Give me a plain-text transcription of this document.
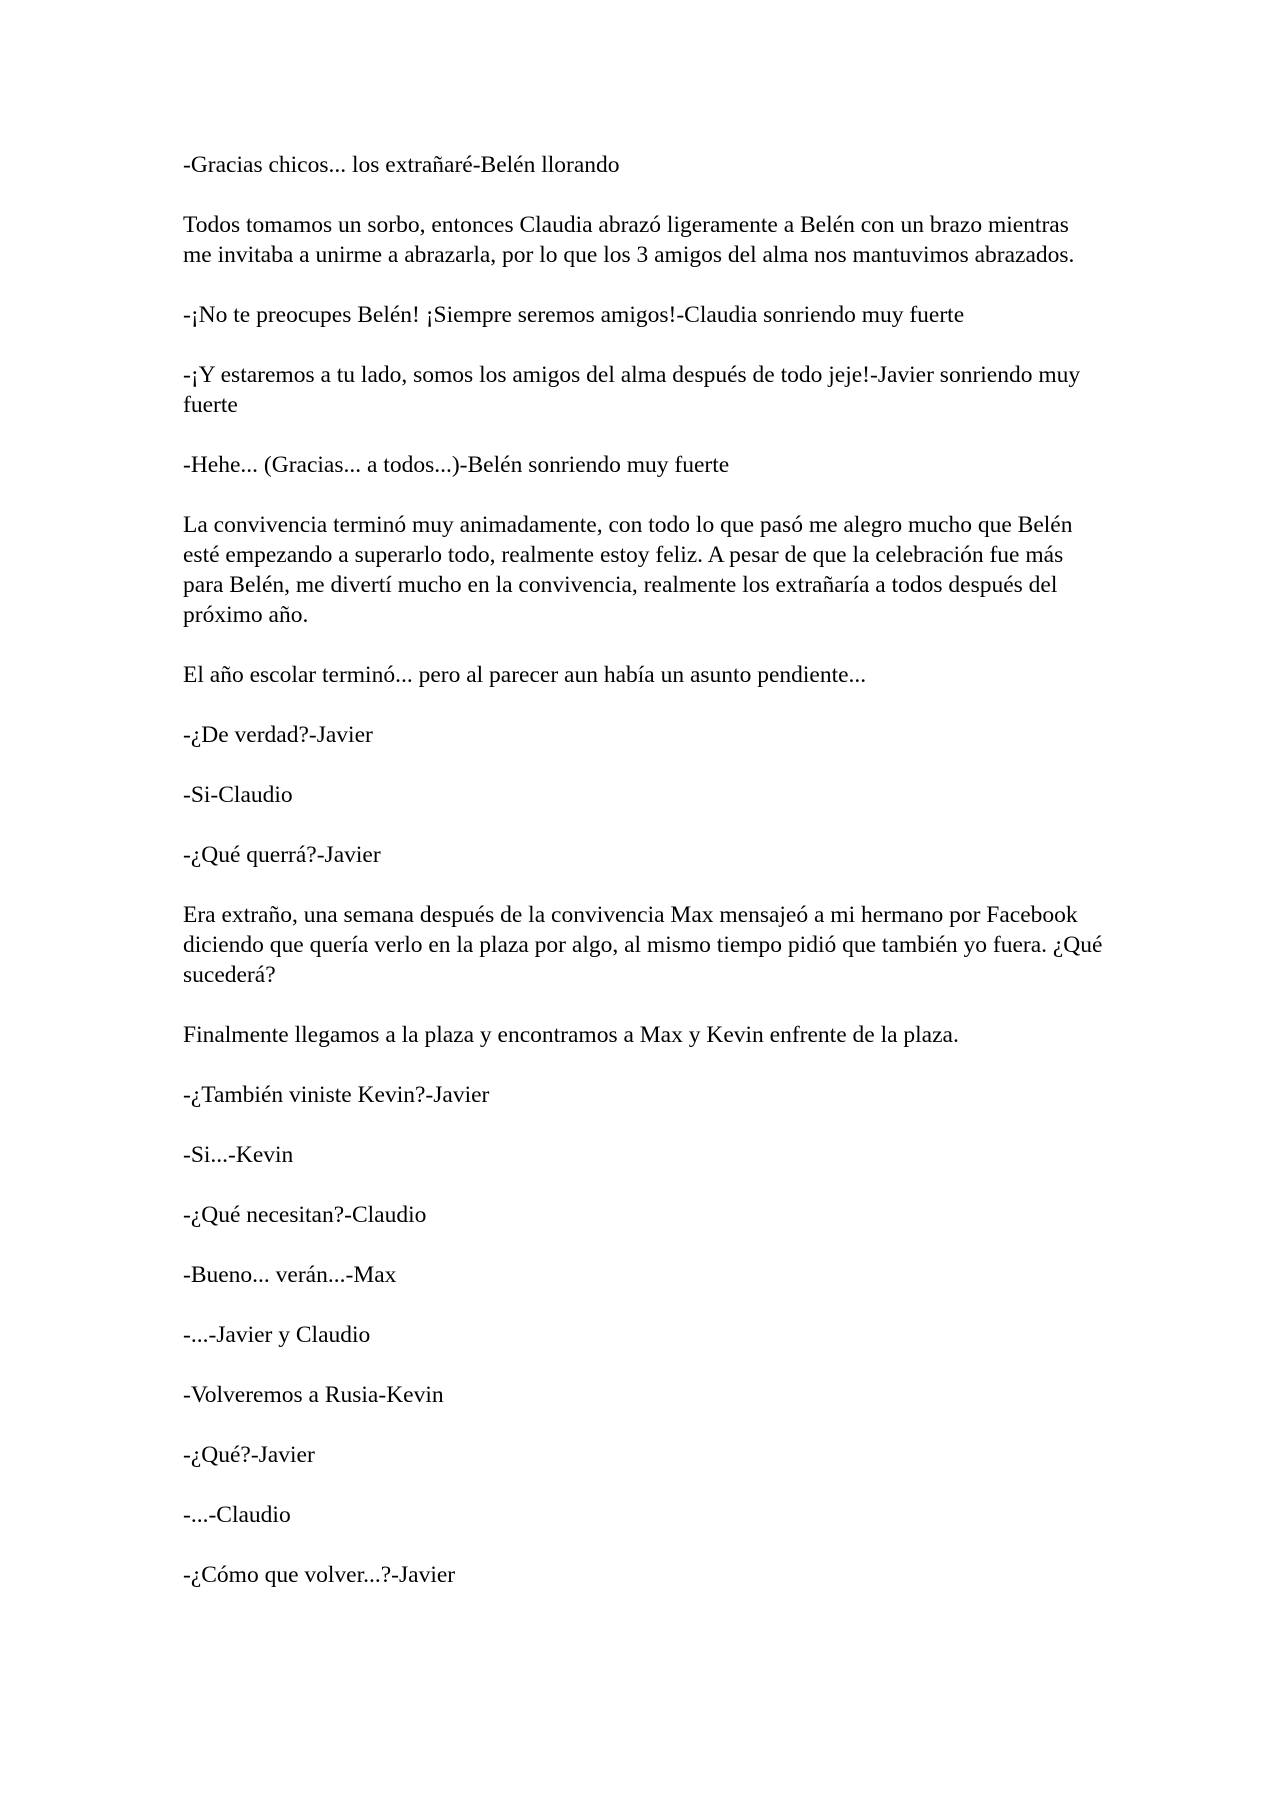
-Gracias chicos... los extrañaré-Belén llorando

Todos tomamos un sorbo, entonces Claudia abrazó ligeramente a Belén con un brazo mientras me invitaba a unirme a abrazarla, por lo que los 3 amigos del alma nos mantuvimos abrazados.

-¡No te preocupes Belén! ¡Siempre seremos amigos!-Claudia sonriendo muy fuerte

-¡Y estaremos a tu lado, somos los amigos del alma después de todo jeje!-Javier sonriendo muy fuerte

-Hehe... (Gracias... a todos...)-Belén sonriendo muy fuerte

La convivencia terminó muy animadamente, con todo lo que pasó me alegro mucho que Belén esté empezando a superarlo todo, realmente estoy feliz. A pesar de que la celebración fue más para Belén, me divertí mucho en la convivencia, realmente los extrañaría a todos después del próximo año.

El año escolar terminó... pero al parecer aun había un asunto pendiente...

-¿De verdad?-Javier

-Si-Claudio

-¿Qué querrá?-Javier

Era extraño, una semana después de la convivencia Max mensajeó a mi hermano por Facebook diciendo que quería verlo en la plaza por algo, al mismo tiempo pidió que también yo fuera. ¿Qué sucederá?

Finalmente llegamos a la plaza y encontramos a Max y Kevin enfrente de la plaza.

-¿También viniste Kevin?-Javier

-Si...-Kevin

-¿Qué necesitan?-Claudio

-Bueno... verán...-Max

-...-Javier y Claudio

-Volveremos a Rusia-Kevin

-¿Qué?-Javier

-...-Claudio

-¿Cómo que volver...?-Javier
